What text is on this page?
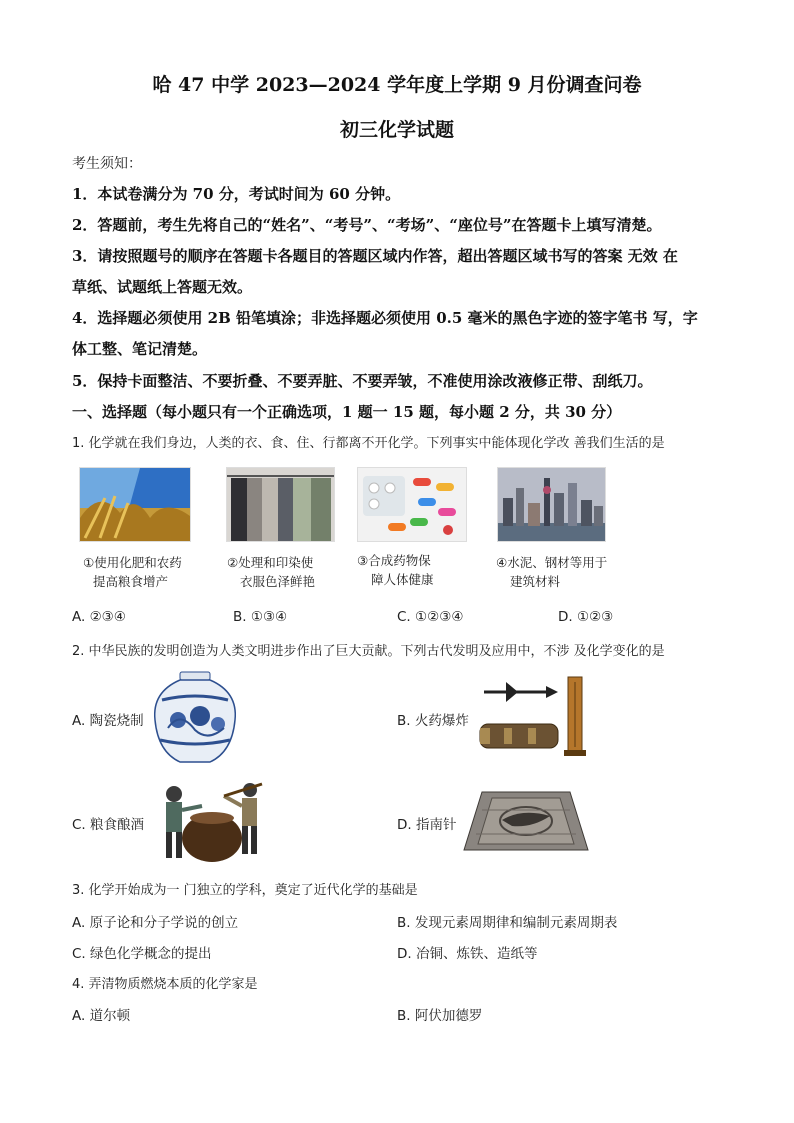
哈 47 中学 2023—2024 学年度上学期 9 月份调查问卷
初三化学试题
考生须知：
1．本试卷满分为 70 分，考试时间为 60 分钟。
2．答题前，考生先将自己的“姓名”、“考号”、“考场”、“座位号”在答题卡上填写清楚。
3．请按照题号的顺序在答题卡各题目的答题区域内作答，超出答题区域书写的答案 无效 在
草纸、试题纸上答题无效。
4．选择题必须使用 2B 铅笔填涂；非选择题必须使用 0.5 毫米的黑色字迹的签字笔书 写，字
体工整、笔记清楚。
5．保持卡面整洁、不要折叠、不要弄脏、不要弄皱，不准使用涂改液修正带、刮纸刀。
一、选择题（每小题只有一个正确选项，1 题一 15 题，每小题 2 分，共 30 分）
1. 化学就在我们身边，人类的衣、食、住、行都离不开化学。下列事实中能体现化学改 善我们生活的是
①使用化肥和农药
提高粮食增产
②处理和印染使
衣服色泽鲜艳
③合成药物保
障人体健康
④水泥、钢材等用于
建筑材料
A. ②③④	B. ①③④	C. ①②③④	D. ①②③
2. 中华民族的发明创造为人类文明进步作出了巨大贡献。下列古代发明及应用中，不涉 及化学变化的是
A. 陶瓷烧制	B. 火药爆炸
C. 粮食酿酒	D. 指南针
3. 化学开始成为一 门独立的学科，奠定了近代化学的基础是
A. 原子论和分子学说的创立	B. 发现元素周期律和编制元素周期表
C. 绿色化学概念的提出	D. 冶铜、炼铁、造纸等
4. 弄清物质燃烧本质的化学家是
A. 道尔顿	B. 阿伏加德罗
